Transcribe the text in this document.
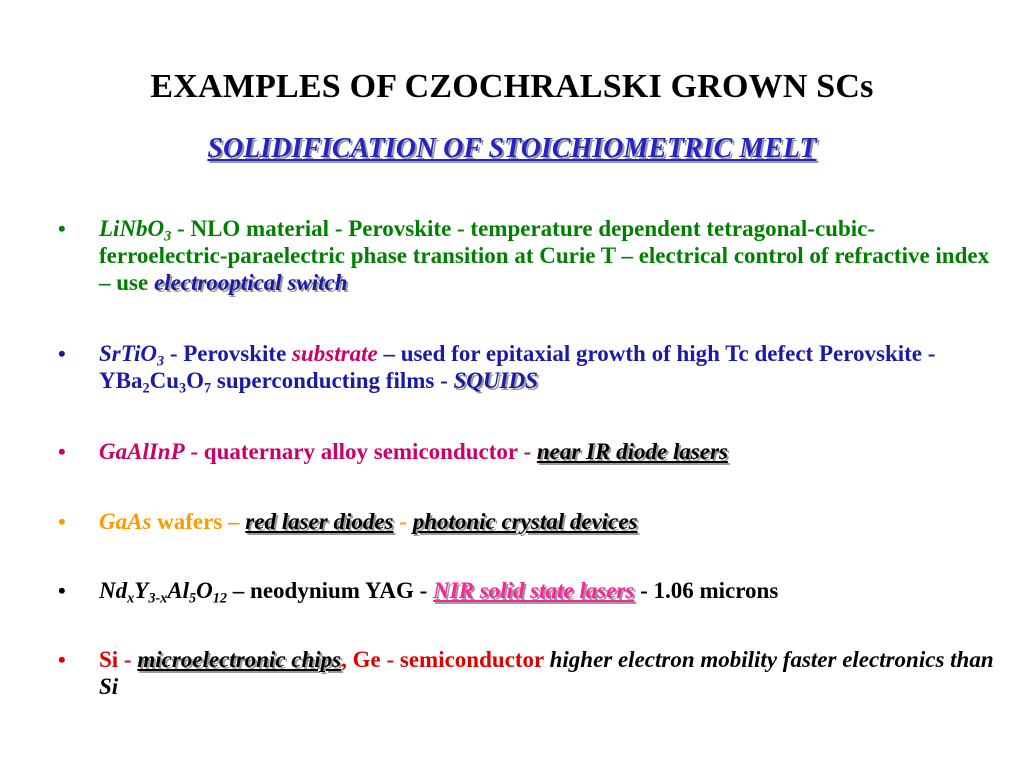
EXAMPLES OF CZOCHRALSKI GROWN SCs
SOLIDIFICATION OF STOICHIOMETRIC MELT
• LiNbO$_3$ - NLO material - Perovskite - temperature dependent tetragonal-cubic-ferroelectric-paraelectric phase transition at Curie T – electrical control of refractive index – use electrooptical switch
• SrTiO$_3$ - Perovskite substrate – used for epitaxial growth of high Tc defect Perovskite - $YBa_2Cu_3O_7$ superconducting films - SQUIDS
• GaAlInP - quaternary alloy semiconductor - near IR diode lasers
• GaAs wafers – red laser diodes - photonic crystal devices
• $Nd_xY_{3-x}Al_5O_{12}$ – neodynium YAG - NIR solid state lasers - 1.06 microns
• Si - microelectronic chips, Ge - semiconductor higher electron mobility faster electronics than Si
